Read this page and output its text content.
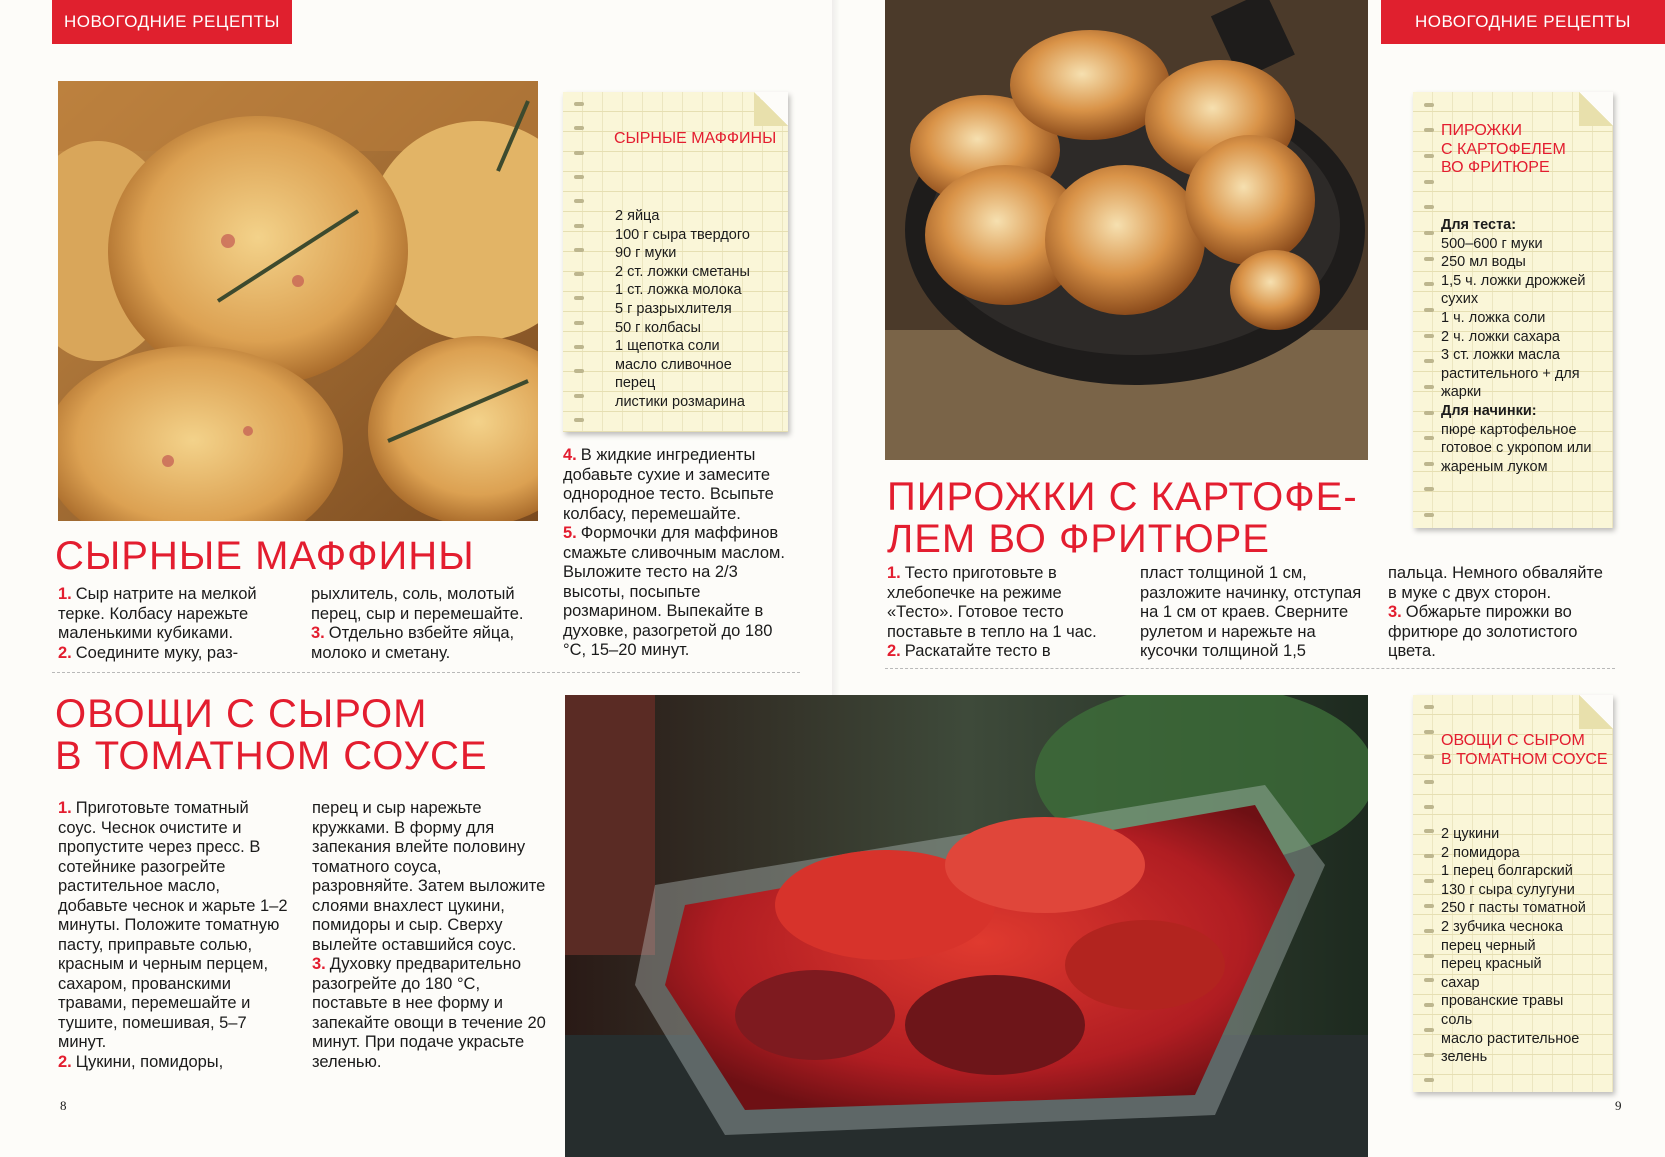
НОВОГОДНИЕ РЕЦЕПТЫ	НОВОГОДНИЕ РЕЦЕПТЫ
СЫРНЫЕ МАФФИНЫ
1. Сыр натрите на мелкой терке. Колбасу нарежьте маленькими кубиками.
2. Соедините муку, раз-
рыхлитель, соль, молотый перец, сыр и перемешайте.
3. Отдельно взбейте яйца, молоко и сметану.
4. В жидкие ингредиенты добавьте сухие и замесите однородное тесто. Всыпьте колбасу, перемешайте.
5. Формочки для маффинов смажьте сливочным маслом. Выложите тесто на 2/3 высоты, посыпьте розмарином. Выпекайте в духовке, разогретой до 180 °С, 15–20 минут.

СЫРНЫЕ МАФФИНЫ

2 яйца
100 г сыра твердого
90 г муки
2 ст. ложки сметаны
1 ст. ложка молока
5 г разрыхлителя
50 г колбасы
1 щепотка соли
масло сливочное
перец
листики розмарина
ПИРОЖКИ С КАРТОФЕ-
ЛЕМ ВО ФРИТЮРЕ
1. Тесто приготовьте в хлебопечке на режиме «Тесто». Готовое тесто поставьте в тепло на 1 час.
2. Раскатайте тесто в
пласт толщиной 1 см, разложите начинку, отступая на 1 см от краев. Сверните рулетом и нарежьте на кусочки толщиной 1,5
пальца. Немного обваляйте в муке с двух сторон.
3. Обжарьте пирожки во фритюре до золотистого цвета.

ПИРОЖКИ
С КАРТОФЕЛЕМ
ВО ФРИТЮРЕ

Для теста:
500–600 г муки
250 мл воды
1,5 ч. ложки дрожжей
сухих
1 ч. ложка соли
2 ч. ложки сахара
3 ст. ложки масла
растительного + для
жарки
Для начинки:
пюре картофельное
готовое с укропом или
жареным луком
ОВОЩИ С СЫРОМ
В ТОМАТНОМ СОУСЕ
1. Приготовьте томатный соус. Чеснок очистите и пропустите через пресс. В сотейнике разогрейте растительное масло, добавьте чеснок и жарьте 1–2 минуты. Положите томатную пасту, приправьте солью, красным и черным перцем, сахаром, прованскими травами, перемешайте и тушите, помешивая, 5–7 минут.
2. Цукини, помидоры,
перец и сыр нарежьте кружками. В форму для запекания влейте половину томатного соуса, разровняйте. Затем выложите слоями внахлест цукини, помидоры и сыр. Сверху вылейте оставшийся соус.
3. Духовку предварительно разогрейте до 180 °С, поставьте в нее форму и запекайте овощи в течение 20 минут. При подаче украсьте зеленью.

ОВОЩИ С СЫРОМ
В ТОМАТНОМ СОУСЕ

2 цукини
2 помидора
1 перец болгарский
130 г сыра сулугуни
250 г пасты томатной
2 зубчика чеснока
перец черный
перец красный
сахар
прованские травы
соль
масло растительное
зелень
8	9
